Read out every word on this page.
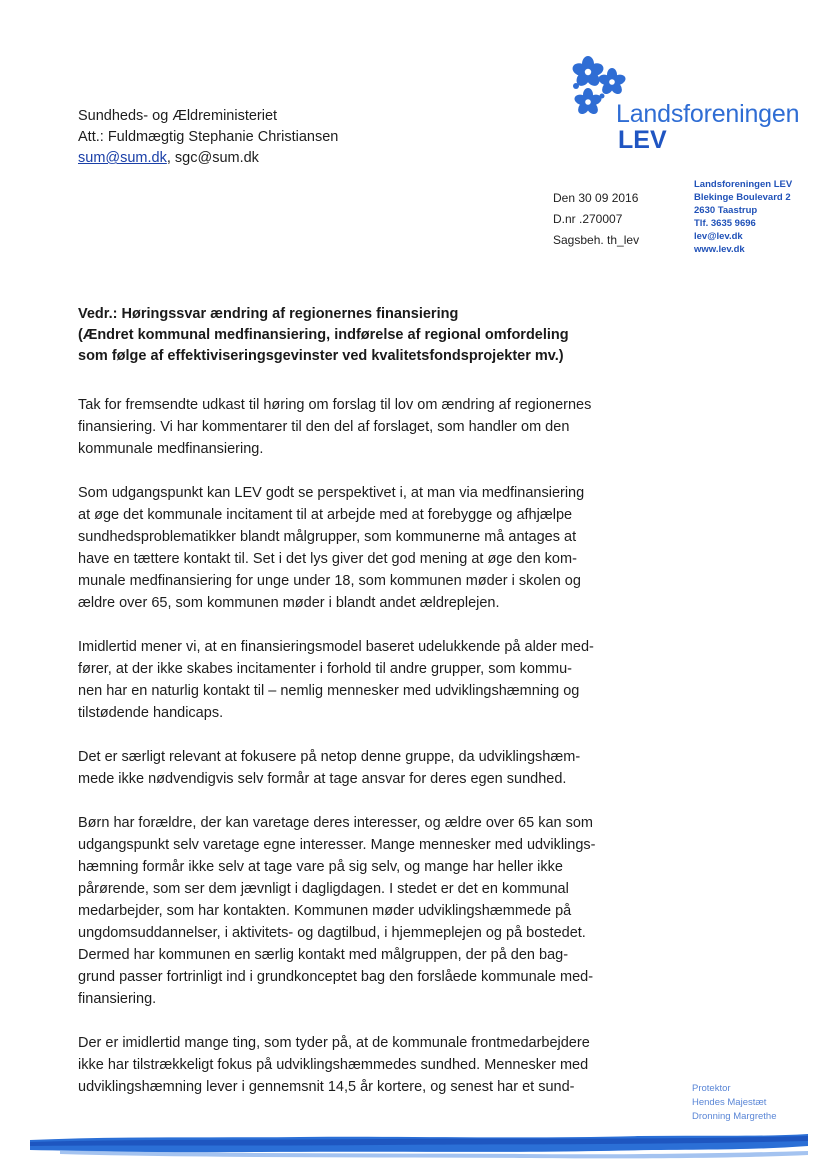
Sundheds- og Ældreministeriet
Att.: Fuldmægtig Stephanie Christiansen
sum@sum.dk, sgc@sum.dk
Landsforeningen
LEV
Den 30 09 2016
D.nr .270007
Sagsbeh. th_lev
Landsforeningen LEV
Blekinge Boulevard 2
2630 Taastrup
Tlf. 3635 9696
lev@lev.dk
www.lev.dk
Vedr.: Høringssvar ændring af regionernes finansiering
(Ændret kommunal medfinansiering, indførelse af regional omfordeling
som følge af effektiviseringsgevinster ved kvalitetsfondsprojekter mv.)
Tak for fremsendte udkast til høring om forslag til lov om ændring af regionernes
finansiering. Vi har kommentarer til den del af forslaget, som handler om den
kommunale medfinansiering.
Som udgangspunkt kan LEV godt se perspektivet i, at man via medfinansiering
at øge det kommunale incitament til at arbejde med at forebygge og afhjælpe
sundhedsproblematikker blandt målgrupper, som kommunerne må antages at
have en tættere kontakt til. Set i det lys giver det god mening at øge den kom-
munale medfinansiering for unge under 18, som kommunen møder i skolen og
ældre over 65, som kommunen møder i blandt andet ældreplejen.
Imidlertid mener vi, at en finansieringsmodel baseret udelukkende på alder med-
fører, at der ikke skabes incitamenter i forhold til andre grupper, som kommu-
nen har en naturlig kontakt til – nemlig mennesker med udviklingshæmning og
tilstødende handicaps.
Det er særligt relevant at fokusere på netop denne gruppe, da udviklingshæm-
mede ikke nødvendigvis selv formår at tage ansvar for deres egen sundhed.
Børn har forældre, der kan varetage deres interesser, og ældre over 65 kan som
udgangspunkt selv varetage egne interesser. Mange mennesker med udviklings-
hæmning formår ikke selv at tage vare på sig selv, og mange har heller ikke
pårørende, som ser dem jævnligt i dagligdagen. I stedet er det en kommunal
medarbejder, som har kontakten. Kommunen møder udviklingshæmmede på
ungdomsuddannelser, i aktivitets- og dagtilbud, i hjemmeplejen og på bostedet.
Dermed har kommunen en særlig kontakt med målgruppen, der på den bag-
grund passer fortrinligt ind i grundkonceptet bag den forslåede kommunale med-
finansiering.
Der er imidlertid mange ting, som tyder på, at de kommunale frontmedarbejdere
ikke har tilstrækkeligt fokus på udviklingshæmmedes sundhed. Mennesker med
udviklingshæmning lever i gennemsnit 14,5 år kortere, og senest har et sund-	Protektor
Hendes Majestæt
Dronning Margrethe
